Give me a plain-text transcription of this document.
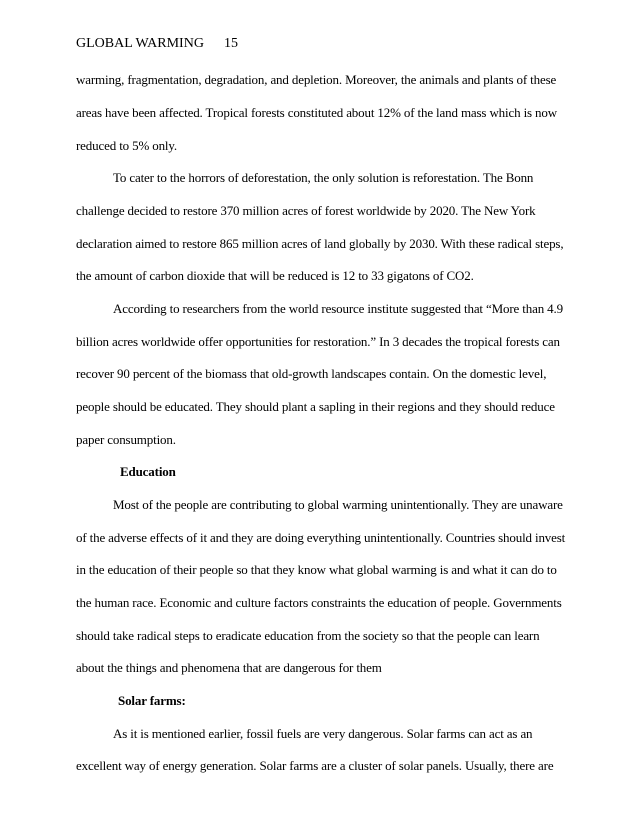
GLOBAL WARMING 15
warming, fragmentation, degradation, and depletion. Moreover, the animals and plants of these
areas have been affected. Tropical forests constituted about 12% of the land mass which is now
reduced to 5% only.
To cater to the horrors of deforestation, the only solution is reforestation. The Bonn
challenge decided to restore 370 million acres of forest worldwide by 2020. The New York
declaration aimed to restore 865 million acres of land globally by 2030. With these radical steps,
the amount of carbon dioxide that will be reduced is 12 to 33 gigatons of CO2.
According to researchers from the world resource institute suggested that “More than 4.9
billion acres worldwide offer opportunities for restoration.” In 3 decades the tropical forests can
recover 90 percent of the biomass that old-growth landscapes contain. On the domestic level,
people should be educated. They should plant a sapling in their regions and they should reduce
paper consumption.
Education
Most of the people are contributing to global warming unintentionally. They are unaware
of the adverse effects of it and they are doing everything unintentionally. Countries should invest
in the education of their people so that they know what global warming is and what it can do to
the human race. Economic and culture factors constraints the education of people. Governments
should take radical steps to eradicate education from the society so that the people can learn
about the things and phenomena that are dangerous for them
Solar farms:
As it is mentioned earlier, fossil fuels are very dangerous. Solar farms can act as an
excellent way of energy generation. Solar farms are a cluster of solar panels. Usually, there are
